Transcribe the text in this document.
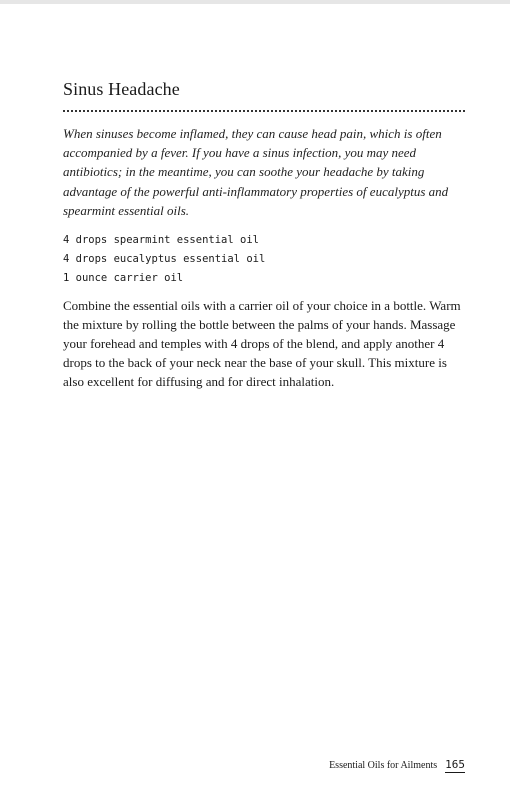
Sinus Headache

When sinuses become inflamed, they can cause head pain, which is often accompanied by a fever. If you have a sinus infection, you may need antibiotics; in the meantime, you can soothe your headache by taking advantage of the powerful anti-inflammatory properties of eucalyptus and spearmint essential oils.

4 drops spearmint essential oil
4 drops eucalyptus essential oil
1 ounce carrier oil

Combine the essential oils with a carrier oil of your choice in a bottle. Warm the mixture by rolling the bottle between the palms of your hands. Massage your forehead and temples with 4 drops of the blend, and apply another 4 drops to the back of your neck near the base of your skull. This mixture is also excellent for diffusing and for direct inhalation.

Essential Oils for Ailments 165
